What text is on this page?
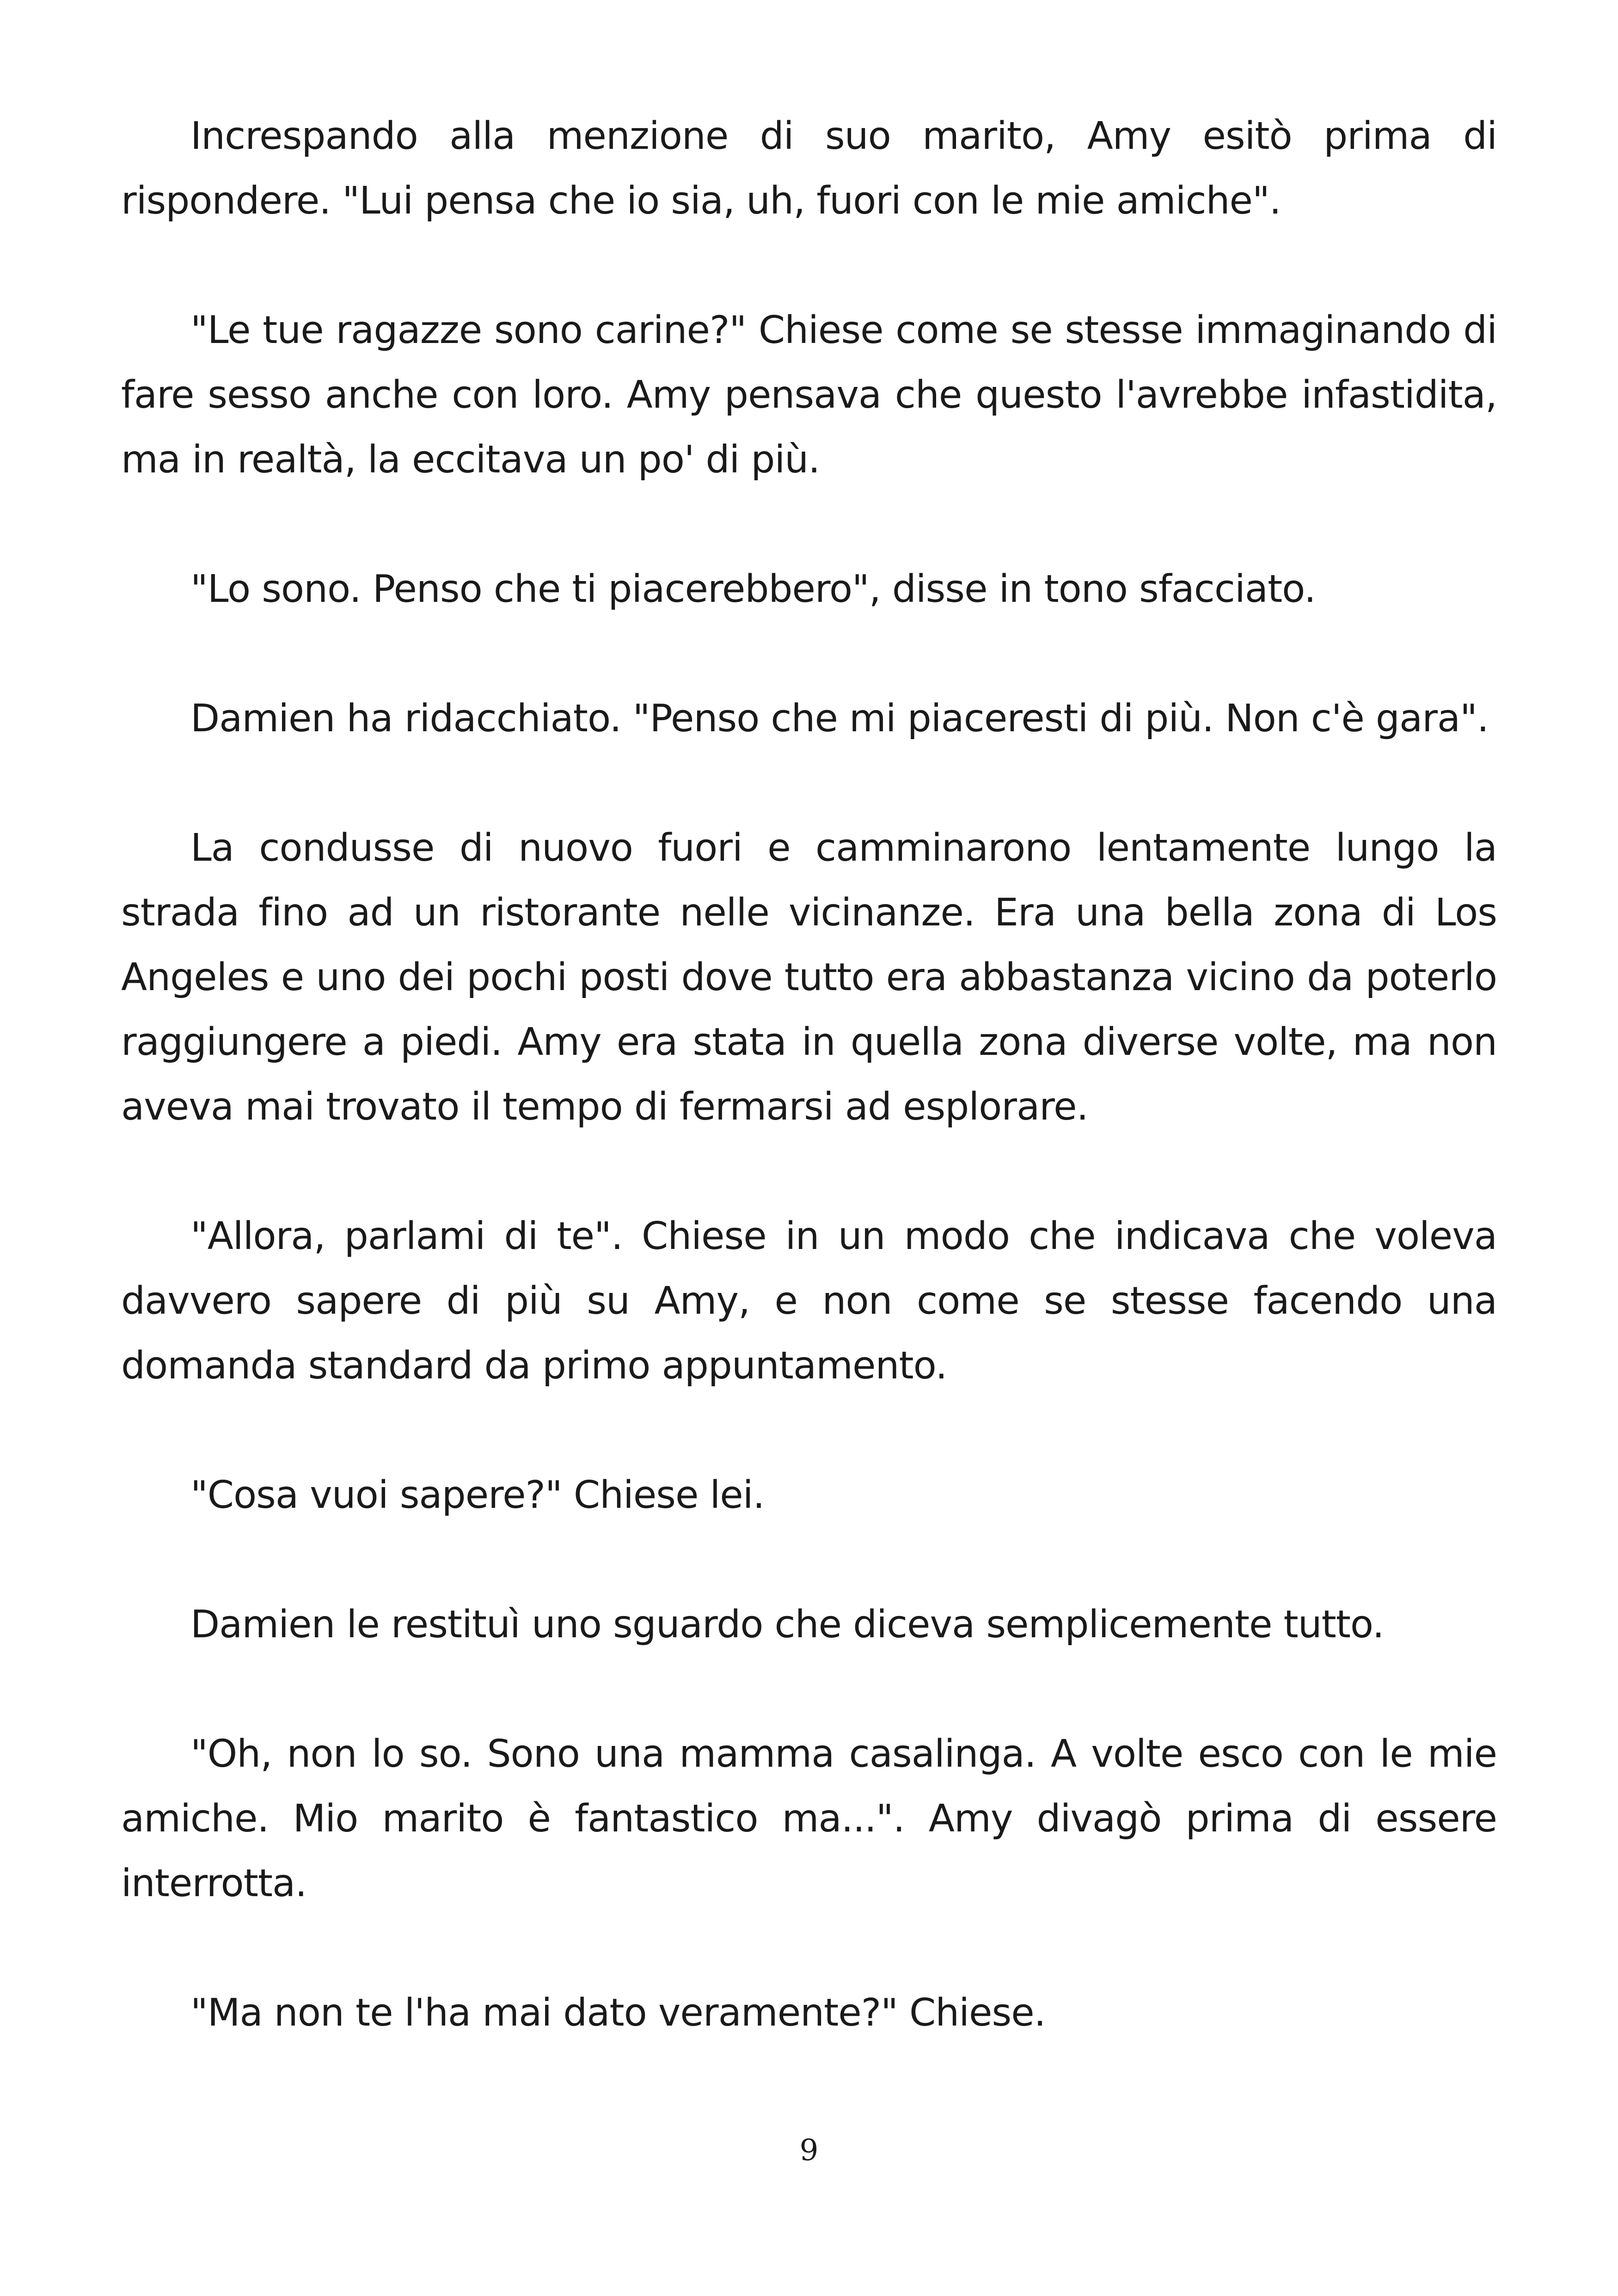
Increspando alla menzione di suo marito, Amy esitò prima di rispondere. "Lui pensa che io sia, uh, fuori con le mie amiche".

"Le tue ragazze sono carine?" Chiese come se stesse immaginando di fare sesso anche con loro. Amy pensava che questo l'avrebbe infastidita, ma in realtà, la eccitava un po' di più.

"Lo sono. Penso che ti piacerebbero", disse in tono sfacciato.

Damien ha ridacchiato. "Penso che mi piaceresti di più. Non c'è gara".

La condusse di nuovo fuori e camminarono lentamente lungo la strada fino ad un ristorante nelle vicinanze. Era una bella zona di Los Angeles e uno dei pochi posti dove tutto era abbastanza vicino da poterlo raggiungere a piedi. Amy era stata in quella zona diverse volte, ma non aveva mai trovato il tempo di fermarsi ad esplorare.

"Allora, parlami di te". Chiese in un modo che indicava che voleva davvero sapere di più su Amy, e non come se stesse facendo una domanda standard da primo appuntamento.

"Cosa vuoi sapere?" Chiese lei.

Damien le restituì uno sguardo che diceva semplicemente tutto.

"Oh, non lo so. Sono una mamma casalinga. A volte esco con le mie amiche. Mio marito è fantastico ma...". Amy divagò prima di essere interrotta.

"Ma non te l'ha mai dato veramente?" Chiese.

9
